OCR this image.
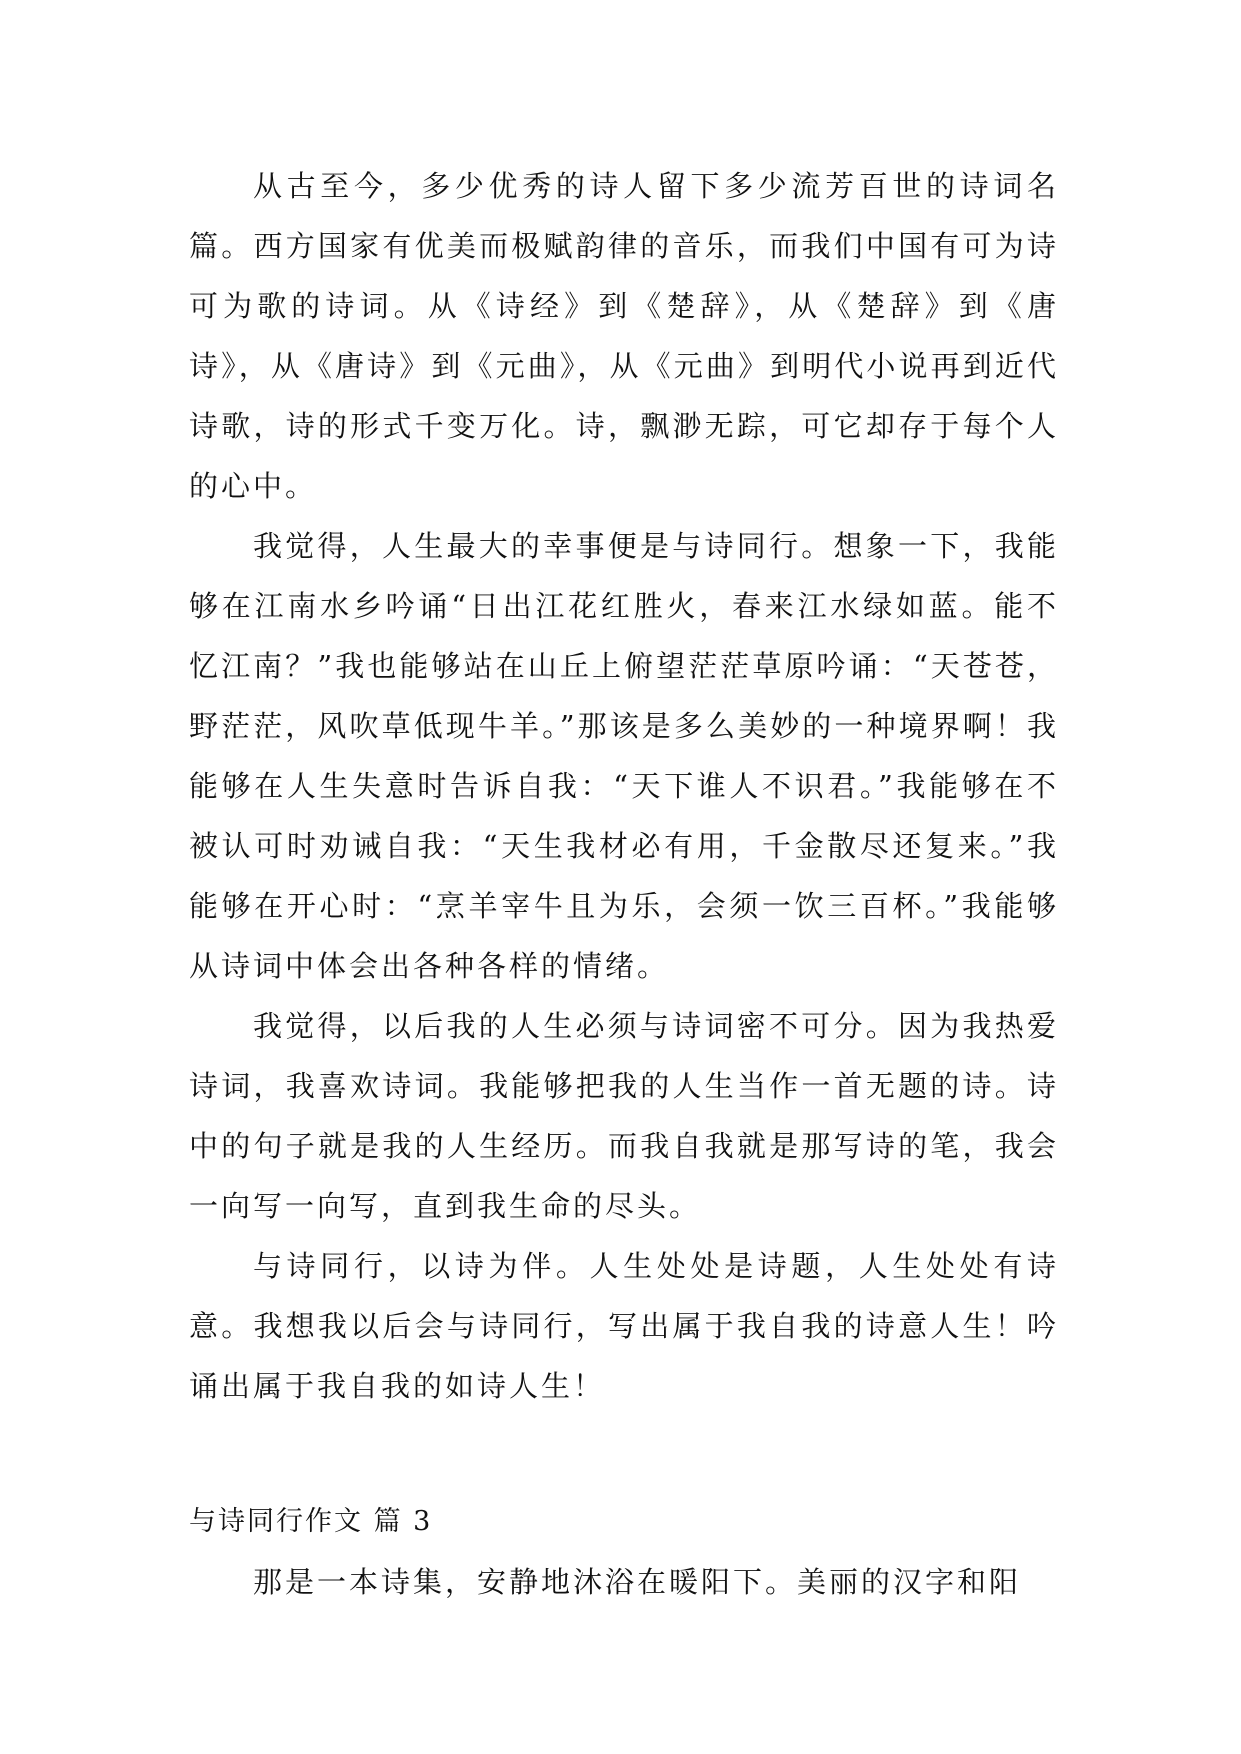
从古至今，多少优秀的诗人留下多少流芳百世的诗词名篇。西方国家有优美而极赋韵律的音乐，而我们中国有可为诗可为歌的诗词。从《诗经》到《楚辞》，从《楚辞》到《唐诗》，从《唐诗》到《元曲》，从《元曲》到明代小说再到近代诗歌，诗的形式千变万化。诗，飘渺无踪，可它却存于每个人的心中。

我觉得，人生最大的幸事便是与诗同行。想象一下，我能够在江南水乡吟诵“日出江花红胜火，春来江水绿如蓝。能不忆江南？”我也能够站在山丘上俯望茫茫草原吟诵：“天苍苍，野茫茫，风吹草低现牛羊。”那该是多么美妙的一种境界啊！我能够在人生失意时告诉自我：“天下谁人不识君。”我能够在不被认可时劝诫自我：“天生我材必有用，千金散尽还复来。”我能够在开心时：“烹羊宰牛且为乐，会须一饮三百杯。”我能够从诗词中体会出各种各样的情绪。

我觉得，以后我的人生必须与诗词密不可分。因为我热爱诗词，我喜欢诗词。我能够把我的人生当作一首无题的诗。诗中的句子就是我的人生经历。而我自我就是那写诗的笔，我会一向写一向写，直到我生命的尽头。

与诗同行，以诗为伴。人生处处是诗题，人生处处有诗意。我想我以后会与诗同行，写出属于我自我的诗意人生！吟诵出属于我自我的如诗人生！

与诗同行作文 篇 3

那是一本诗集，安静地沐浴在暖阳下。美丽的汉字和阳
